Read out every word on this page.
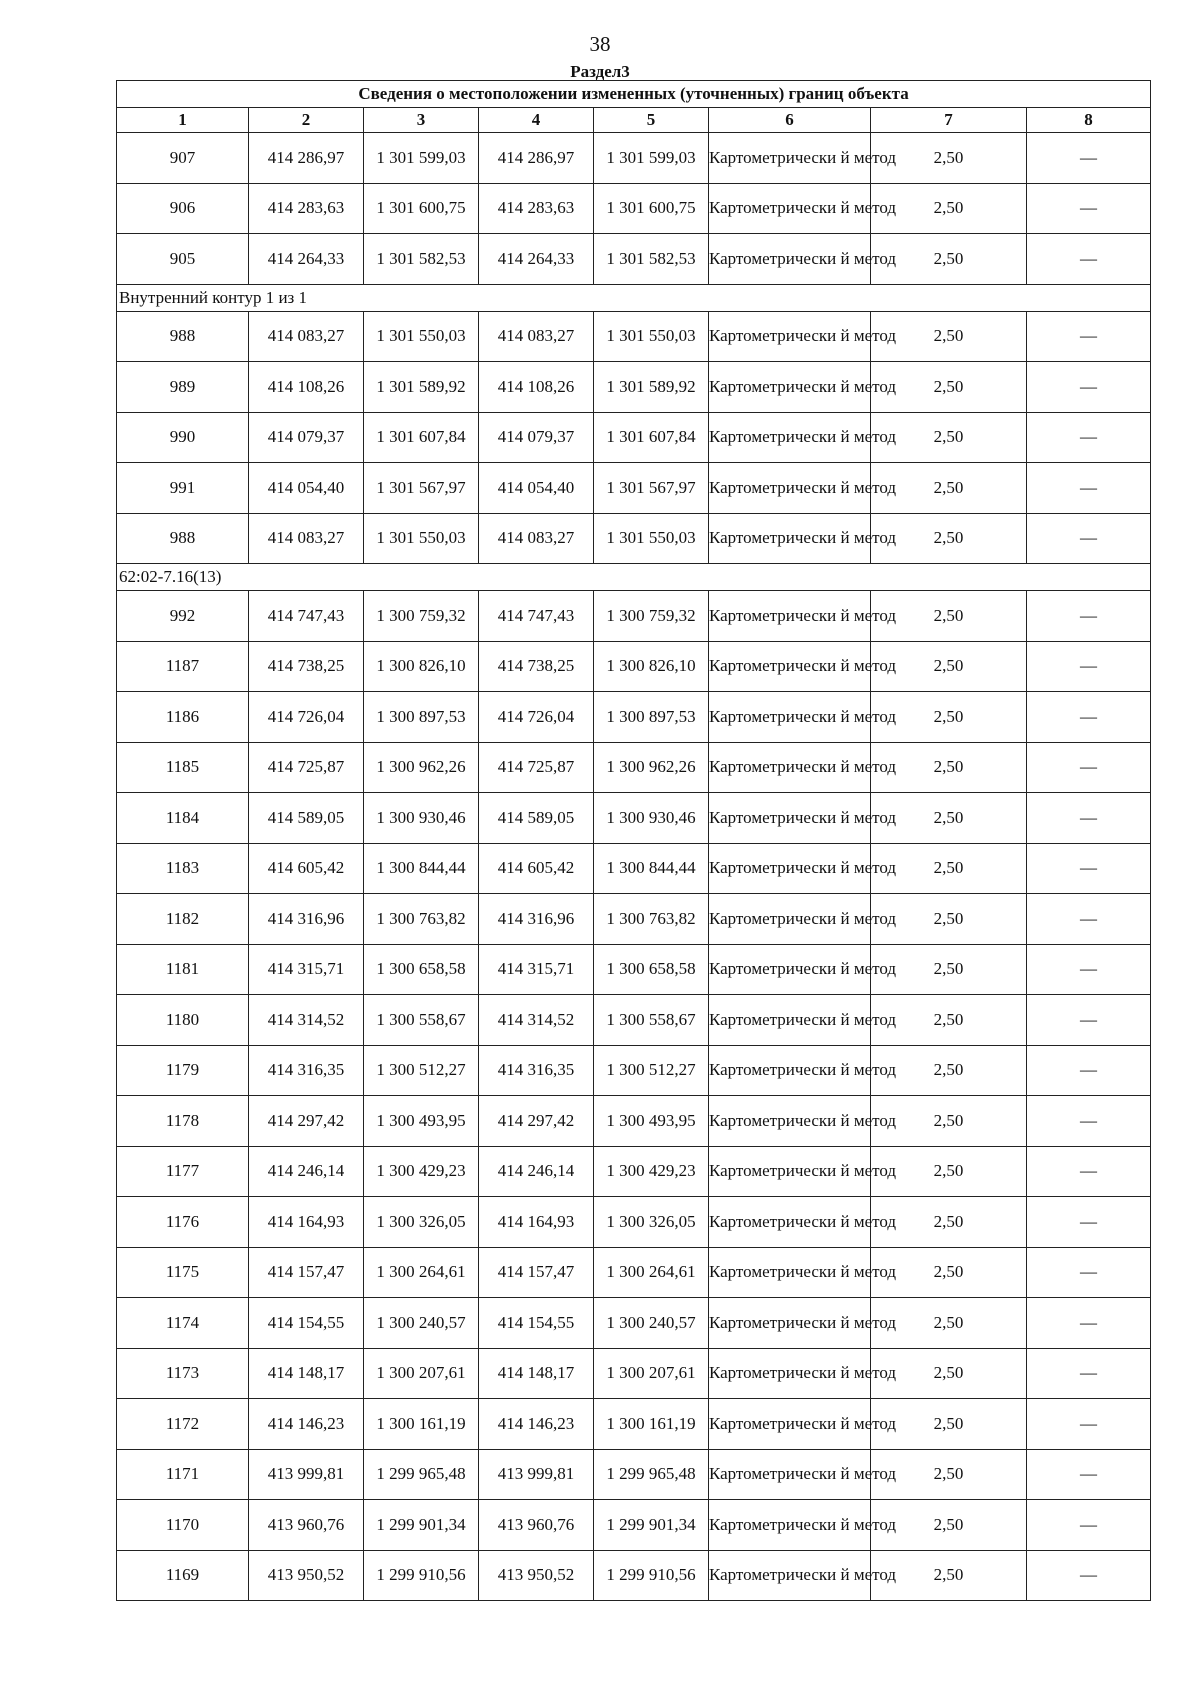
38
Раздел3
Сведения о местоположении измененных (уточненных) границ объекта							
1	2	3	4	5	6	7	8
907	414 286,97	1 301 599,03	414 286,97	1 301 599,03	Картометрически й метод	2,50	—
906	414 283,63	1 301 600,75	414 283,63	1 301 600,75	Картометрически й метод	2,50	—
905	414 264,33	1 301 582,53	414 264,33	1 301 582,53	Картометрически й метод	2,50	—
Внутренний контур 1 из 1							
988	414 083,27	1 301 550,03	414 083,27	1 301 550,03	Картометрически й метод	2,50	—
989	414 108,26	1 301 589,92	414 108,26	1 301 589,92	Картометрически й метод	2,50	—
990	414 079,37	1 301 607,84	414 079,37	1 301 607,84	Картометрически й метод	2,50	—
991	414 054,40	1 301 567,97	414 054,40	1 301 567,97	Картометрически й метод	2,50	—
988	414 083,27	1 301 550,03	414 083,27	1 301 550,03	Картометрически й метод	2,50	—
62:02-7.16(13)							
992	414 747,43	1 300 759,32	414 747,43	1 300 759,32	Картометрически й метод	2,50	—
1187	414 738,25	1 300 826,10	414 738,25	1 300 826,10	Картометрически й метод	2,50	—
1186	414 726,04	1 300 897,53	414 726,04	1 300 897,53	Картометрически й метод	2,50	—
1185	414 725,87	1 300 962,26	414 725,87	1 300 962,26	Картометрически й метод	2,50	—
1184	414 589,05	1 300 930,46	414 589,05	1 300 930,46	Картометрически й метод	2,50	—
1183	414 605,42	1 300 844,44	414 605,42	1 300 844,44	Картометрически й метод	2,50	—
1182	414 316,96	1 300 763,82	414 316,96	1 300 763,82	Картометрически й метод	2,50	—
1181	414 315,71	1 300 658,58	414 315,71	1 300 658,58	Картометрически й метод	2,50	—
1180	414 314,52	1 300 558,67	414 314,52	1 300 558,67	Картометрически й метод	2,50	—
1179	414 316,35	1 300 512,27	414 316,35	1 300 512,27	Картометрически й метод	2,50	—
1178	414 297,42	1 300 493,95	414 297,42	1 300 493,95	Картометрически й метод	2,50	—
1177	414 246,14	1 300 429,23	414 246,14	1 300 429,23	Картометрически й метод	2,50	—
1176	414 164,93	1 300 326,05	414 164,93	1 300 326,05	Картометрически й метод	2,50	—
1175	414 157,47	1 300 264,61	414 157,47	1 300 264,61	Картометрически й метод	2,50	—
1174	414 154,55	1 300 240,57	414 154,55	1 300 240,57	Картометрически й метод	2,50	—
1173	414 148,17	1 300 207,61	414 148,17	1 300 207,61	Картометрически й метод	2,50	—
1172	414 146,23	1 300 161,19	414 146,23	1 300 161,19	Картометрически й метод	2,50	—
1171	413 999,81	1 299 965,48	413 999,81	1 299 965,48	Картометрически й метод	2,50	—
1170	413 960,76	1 299 901,34	413 960,76	1 299 901,34	Картометрически й метод	2,50	—
1169	413 950,52	1 299 910,56	413 950,52	1 299 910,56	Картометрически й метод	2,50	—
